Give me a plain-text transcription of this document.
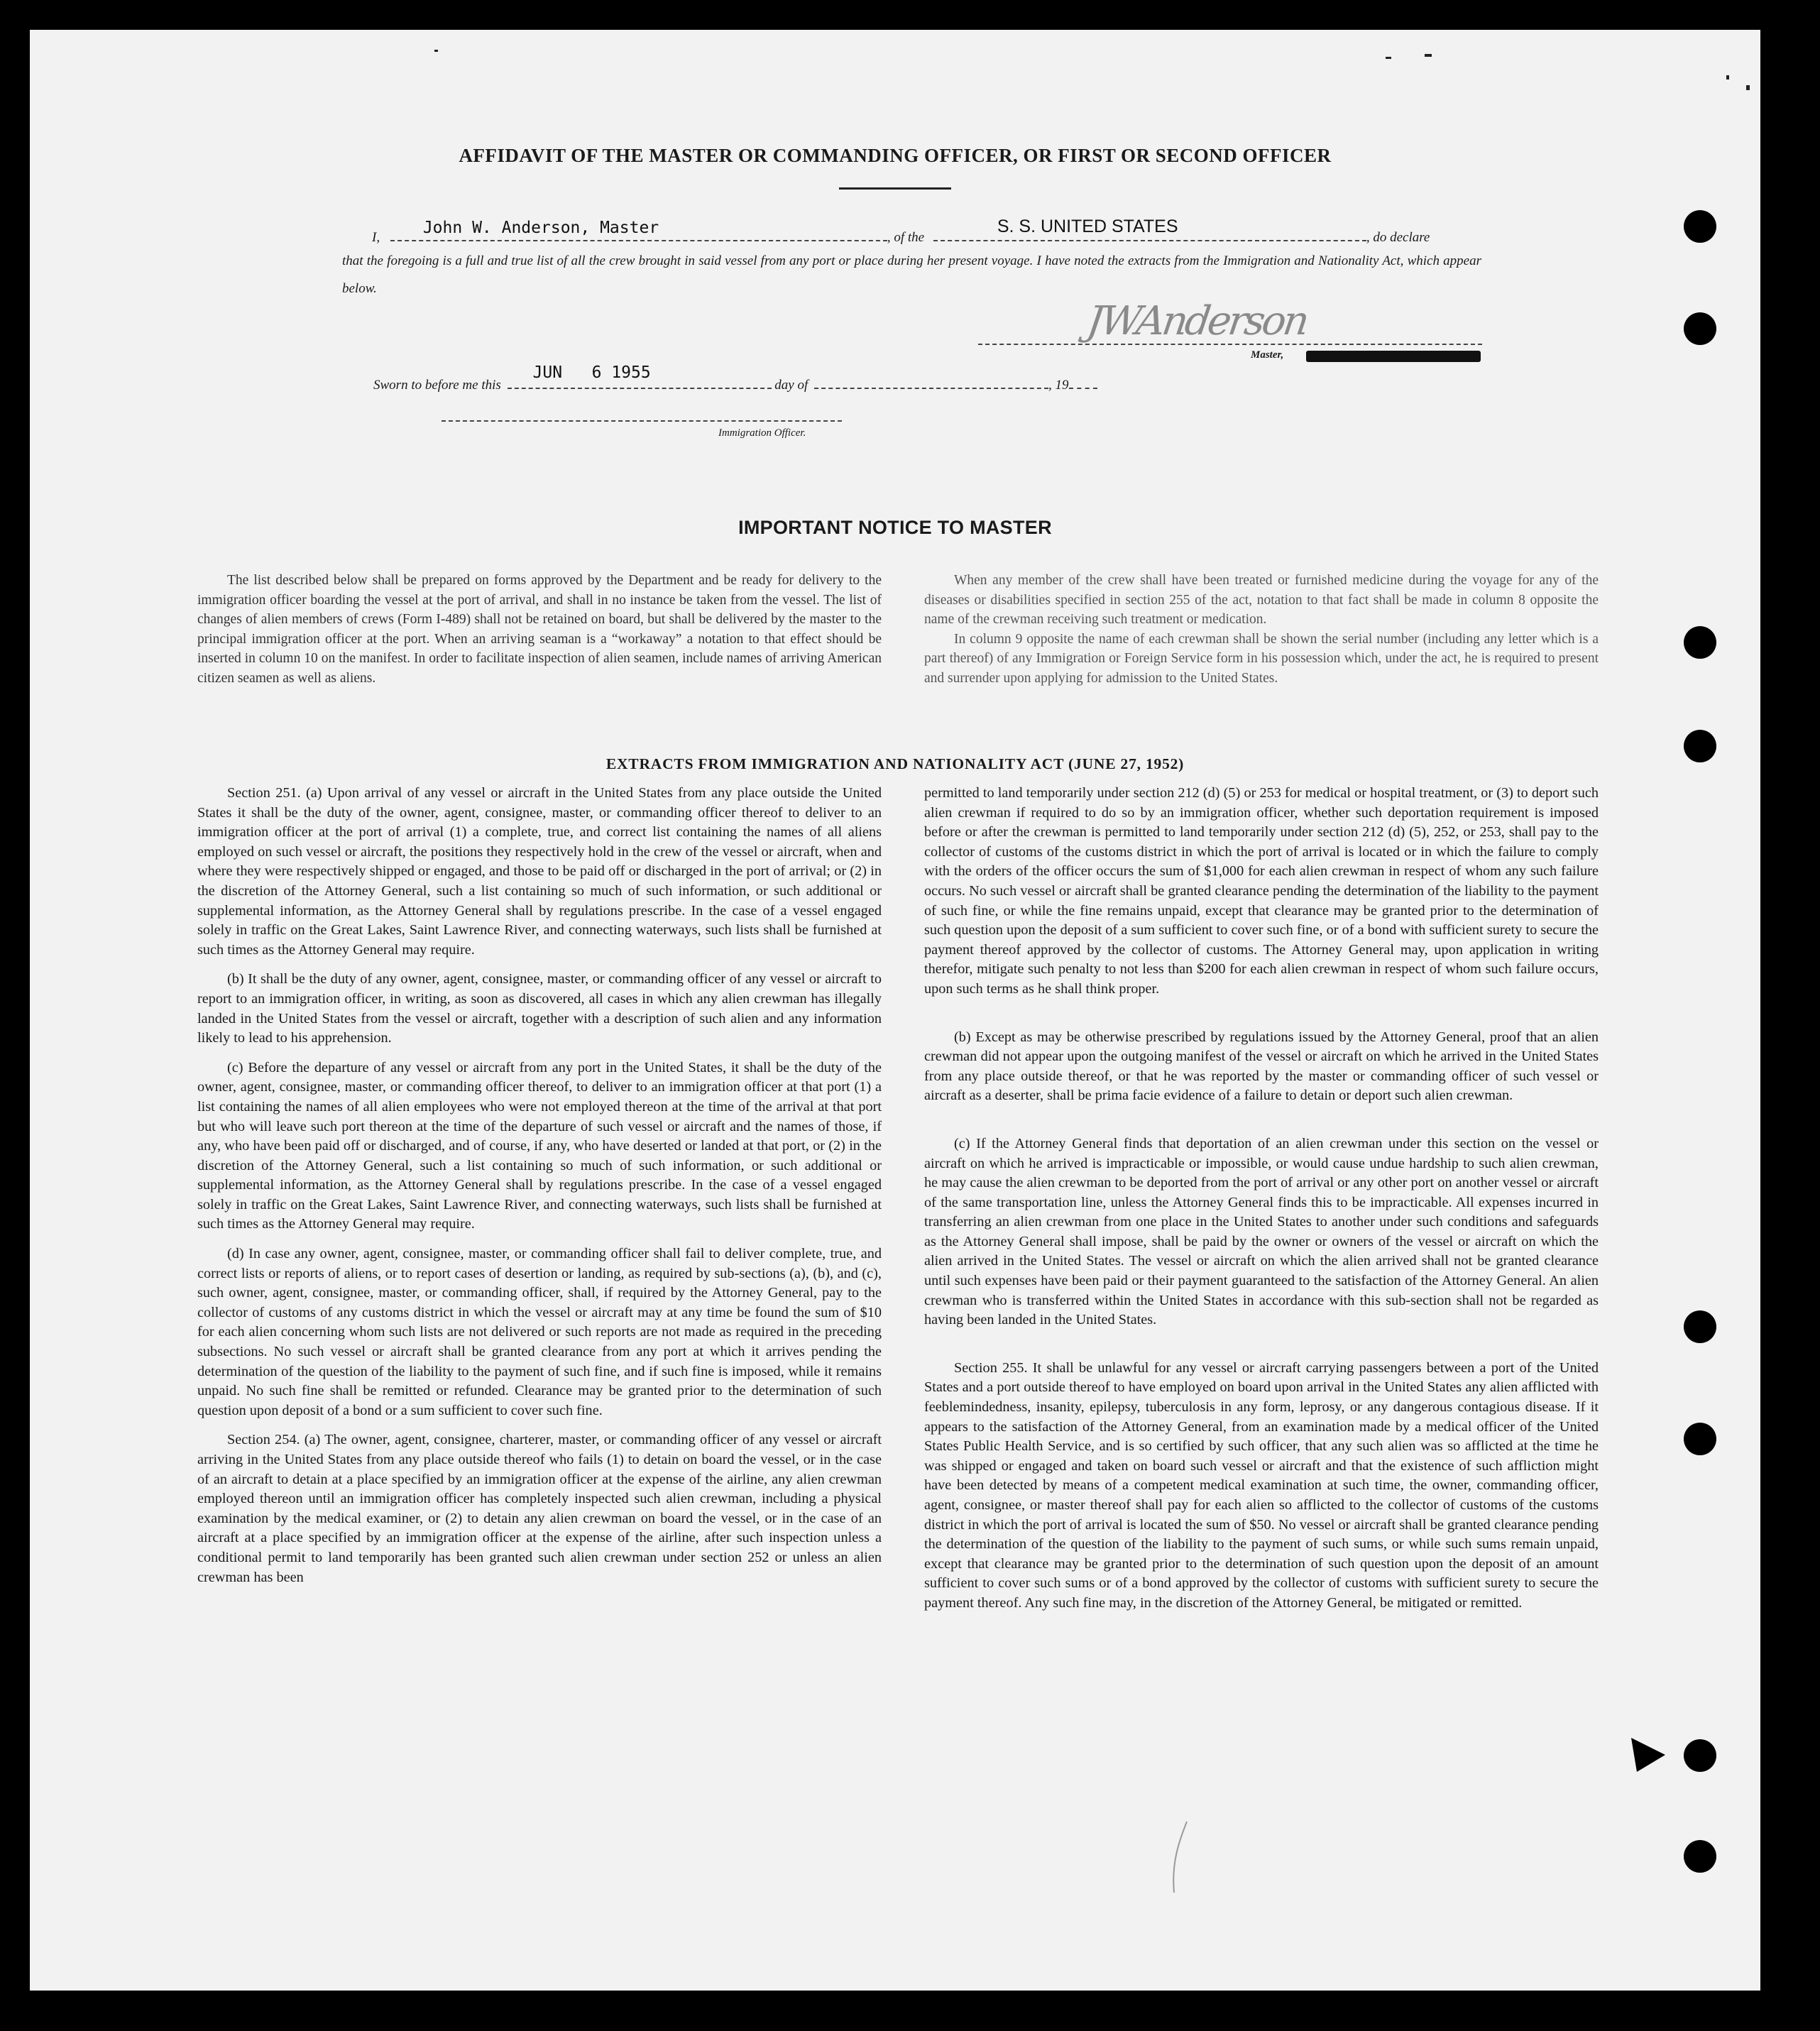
AFFIDAVIT OF THE MASTER OR COMMANDING OFFICER, OR FIRST OR SECOND OFFICER
I,
John W. Anderson, Master
, of the
S. S. UNITED STATES
, do declare
that the foregoing is a full and true list of all the crew brought in said vessel from any port or place during her present voyage. I have noted the extracts from the Immigration and Nationality Act, which appear below.
JWAnderson
Master,
Sworn to before me this
JUN   6 1955
day of	, 19
Immigration Officer.
IMPORTANT NOTICE TO MASTER

The list described below shall be prepared on forms approved by the Department and be ready for delivery to the immigration officer boarding the vessel at the port of arrival, and shall in no instance be taken from the vessel. The list of changes of alien members of crews (Form I-489) shall not be retained on board, but shall be delivered by the master to the principal immigration officer at the port. When an arriving seaman is a “workaway” a notation to that effect should be inserted in column 10 on the manifest. In order to facilitate inspection of alien seamen, include names of arriving American citizen seamen as well as aliens.

When any member of the crew shall have been treated or furnished medicine during the voyage for any of the diseases or disabilities specified in section 255 of the act, notation to that fact shall be made in column 8 opposite the name of the crewman receiving such treatment or medication.

In column 9 opposite the name of each crewman shall be shown the serial number (including any letter which is a part thereof) of any Immigration or Foreign Service form in his possession which, under the act, he is required to present and surrender upon applying for admission to the United States.

EXTRACTS FROM IMMIGRATION AND NATIONALITY ACT (JUNE 27, 1952)

Section 251. (a) Upon arrival of any vessel or aircraft in the United States from any place outside the United States it shall be the duty of the owner, agent, consignee, master, or commanding officer thereof to deliver to an immigration officer at the port of arrival (1) a complete, true, and correct list containing the names of all aliens employed on such vessel or aircraft, the positions they respectively hold in the crew of the vessel or aircraft, when and where they were respectively shipped or engaged, and those to be paid off or discharged in the port of arrival; or (2) in the discretion of the Attorney General, such a list containing so much of such information, or such additional or supplemental information, as the Attorney General shall by regulations prescribe. In the case of a vessel engaged solely in traffic on the Great Lakes, Saint Lawrence River, and connecting waterways, such lists shall be furnished at such times as the Attorney General may require.

(b) It shall be the duty of any owner, agent, consignee, master, or commanding officer of any vessel or aircraft to report to an immigration officer, in writing, as soon as discovered, all cases in which any alien crewman has illegally landed in the United States from the vessel or aircraft, together with a description of such alien and any information likely to lead to his apprehension.

(c) Before the departure of any vessel or aircraft from any port in the United States, it shall be the duty of the owner, agent, consignee, master, or commanding officer thereof, to deliver to an immigration officer at that port (1) a list containing the names of all alien employees who were not employed thereon at the time of the arrival at that port but who will leave such port thereon at the time of the departure of such vessel or aircraft and the names of those, if any, who have been paid off or discharged, and of course, if any, who have deserted or landed at that port, or (2) in the discretion of the Attorney General, such a list containing so much of such information, or such additional or supplemental information, as the Attorney General shall by regulations prescribe. In the case of a vessel engaged solely in traffic on the Great Lakes, Saint Lawrence River, and connecting waterways, such lists shall be furnished at such times as the Attorney General may require.

(d) In case any owner, agent, consignee, master, or commanding officer shall fail to deliver complete, true, and correct lists or reports of aliens, or to report cases of desertion or landing, as required by sub-sections (a), (b), and (c), such owner, agent, consignee, master, or commanding officer, shall, if required by the Attorney General, pay to the collector of customs of any customs district in which the vessel or aircraft may at any time be found the sum of $10 for each alien concerning whom such lists are not delivered or such reports are not made as required in the preceding subsections. No such vessel or aircraft shall be granted clearance from any port at which it arrives pending the determination of the question of the liability to the payment of such fine, and if such fine is imposed, while it remains unpaid. No such fine shall be remitted or refunded. Clearance may be granted prior to the determination of such question upon deposit of a bond or a sum sufficient to cover such fine.

Section 254. (a) The owner, agent, consignee, charterer, master, or commanding officer of any vessel or aircraft arriving in the United States from any place outside thereof who fails (1) to detain on board the vessel, or in the case of an aircraft to detain at a place specified by an immigration officer at the expense of the airline, any alien crewman employed thereon until an immigration officer has completely inspected such alien crewman, including a physical examination by the medical examiner, or (2) to detain any alien crewman on board the vessel, or in the case of an aircraft at a place specified by an immigration officer at the expense of the airline, after such inspection unless a conditional permit to land temporarily has been granted such alien crewman under section 252 or unless an alien crewman has been

permitted to land temporarily under section 212 (d) (5) or 253 for medical or hospital treatment, or (3) to deport such alien crewman if required to do so by an immigration officer, whether such deportation requirement is imposed before or after the crewman is permitted to land temporarily under section 212 (d) (5), 252, or 253, shall pay to the collector of customs of the customs district in which the port of arrival is located or in which the failure to comply with the orders of the officer occurs the sum of $1,000 for each alien crewman in respect of whom any such failure occurs. No such vessel or aircraft shall be granted clearance pending the determination of the liability to the payment of such fine, or while the fine remains unpaid, except that clearance may be granted prior to the determination of such question upon the deposit of a sum sufficient to cover such fine, or of a bond with sufficient surety to secure the payment thereof approved by the collector of customs. The Attorney General may, upon application in writing therefor, mitigate such penalty to not less than $200 for each alien crewman in respect of whom such failure occurs, upon such terms as he shall think proper.

(b) Except as may be otherwise prescribed by regulations issued by the Attorney General, proof that an alien crewman did not appear upon the outgoing manifest of the vessel or aircraft on which he arrived in the United States from any place outside thereof, or that he was reported by the master or commanding officer of such vessel or aircraft as a deserter, shall be prima facie evidence of a failure to detain or deport such alien crewman.

(c) If the Attorney General finds that deportation of an alien crewman under this section on the vessel or aircraft on which he arrived is impracticable or impossible, or would cause undue hardship to such alien crewman, he may cause the alien crewman to be deported from the port of arrival or any other port on another vessel or aircraft of the same transportation line, unless the Attorney General finds this to be impracticable. All expenses incurred in transferring an alien crewman from one place in the United States to another under such conditions and safeguards as the Attorney General shall impose, shall be paid by the owner or owners of the vessel or aircraft on which the alien arrived in the United States. The vessel or aircraft on which the alien arrived shall not be granted clearance until such expenses have been paid or their payment guaranteed to the satisfaction of the Attorney General. An alien crewman who is transferred within the United States in accordance with this sub-section shall not be regarded as having been landed in the United States.

Section 255. It shall be unlawful for any vessel or aircraft carrying passengers between a port of the United States and a port outside thereof to have employed on board upon arrival in the United States any alien afflicted with feeblemindedness, insanity, epilepsy, tuberculosis in any form, leprosy, or any dangerous contagious disease. If it appears to the satisfaction of the Attorney General, from an examination made by a medical officer of the United States Public Health Service, and is so certified by such officer, that any such alien was so afflicted at the time he was shipped or engaged and taken on board such vessel or aircraft and that the existence of such affliction might have been detected by means of a competent medical examination at such time, the owner, commanding officer, agent, consignee, or master thereof shall pay for each alien so afflicted to the collector of customs of the customs district in which the port of arrival is located the sum of $50. No vessel or aircraft shall be granted clearance pending the determination of the question of the liability to the payment of such sums, or while such sums remain unpaid, except that clearance may be granted prior to the determination of such question upon the deposit of an amount sufficient to cover such sums or of a bond approved by the collector of customs with sufficient surety to secure the payment thereof. Any such fine may, in the discretion of the Attorney General, be mitigated or remitted.
